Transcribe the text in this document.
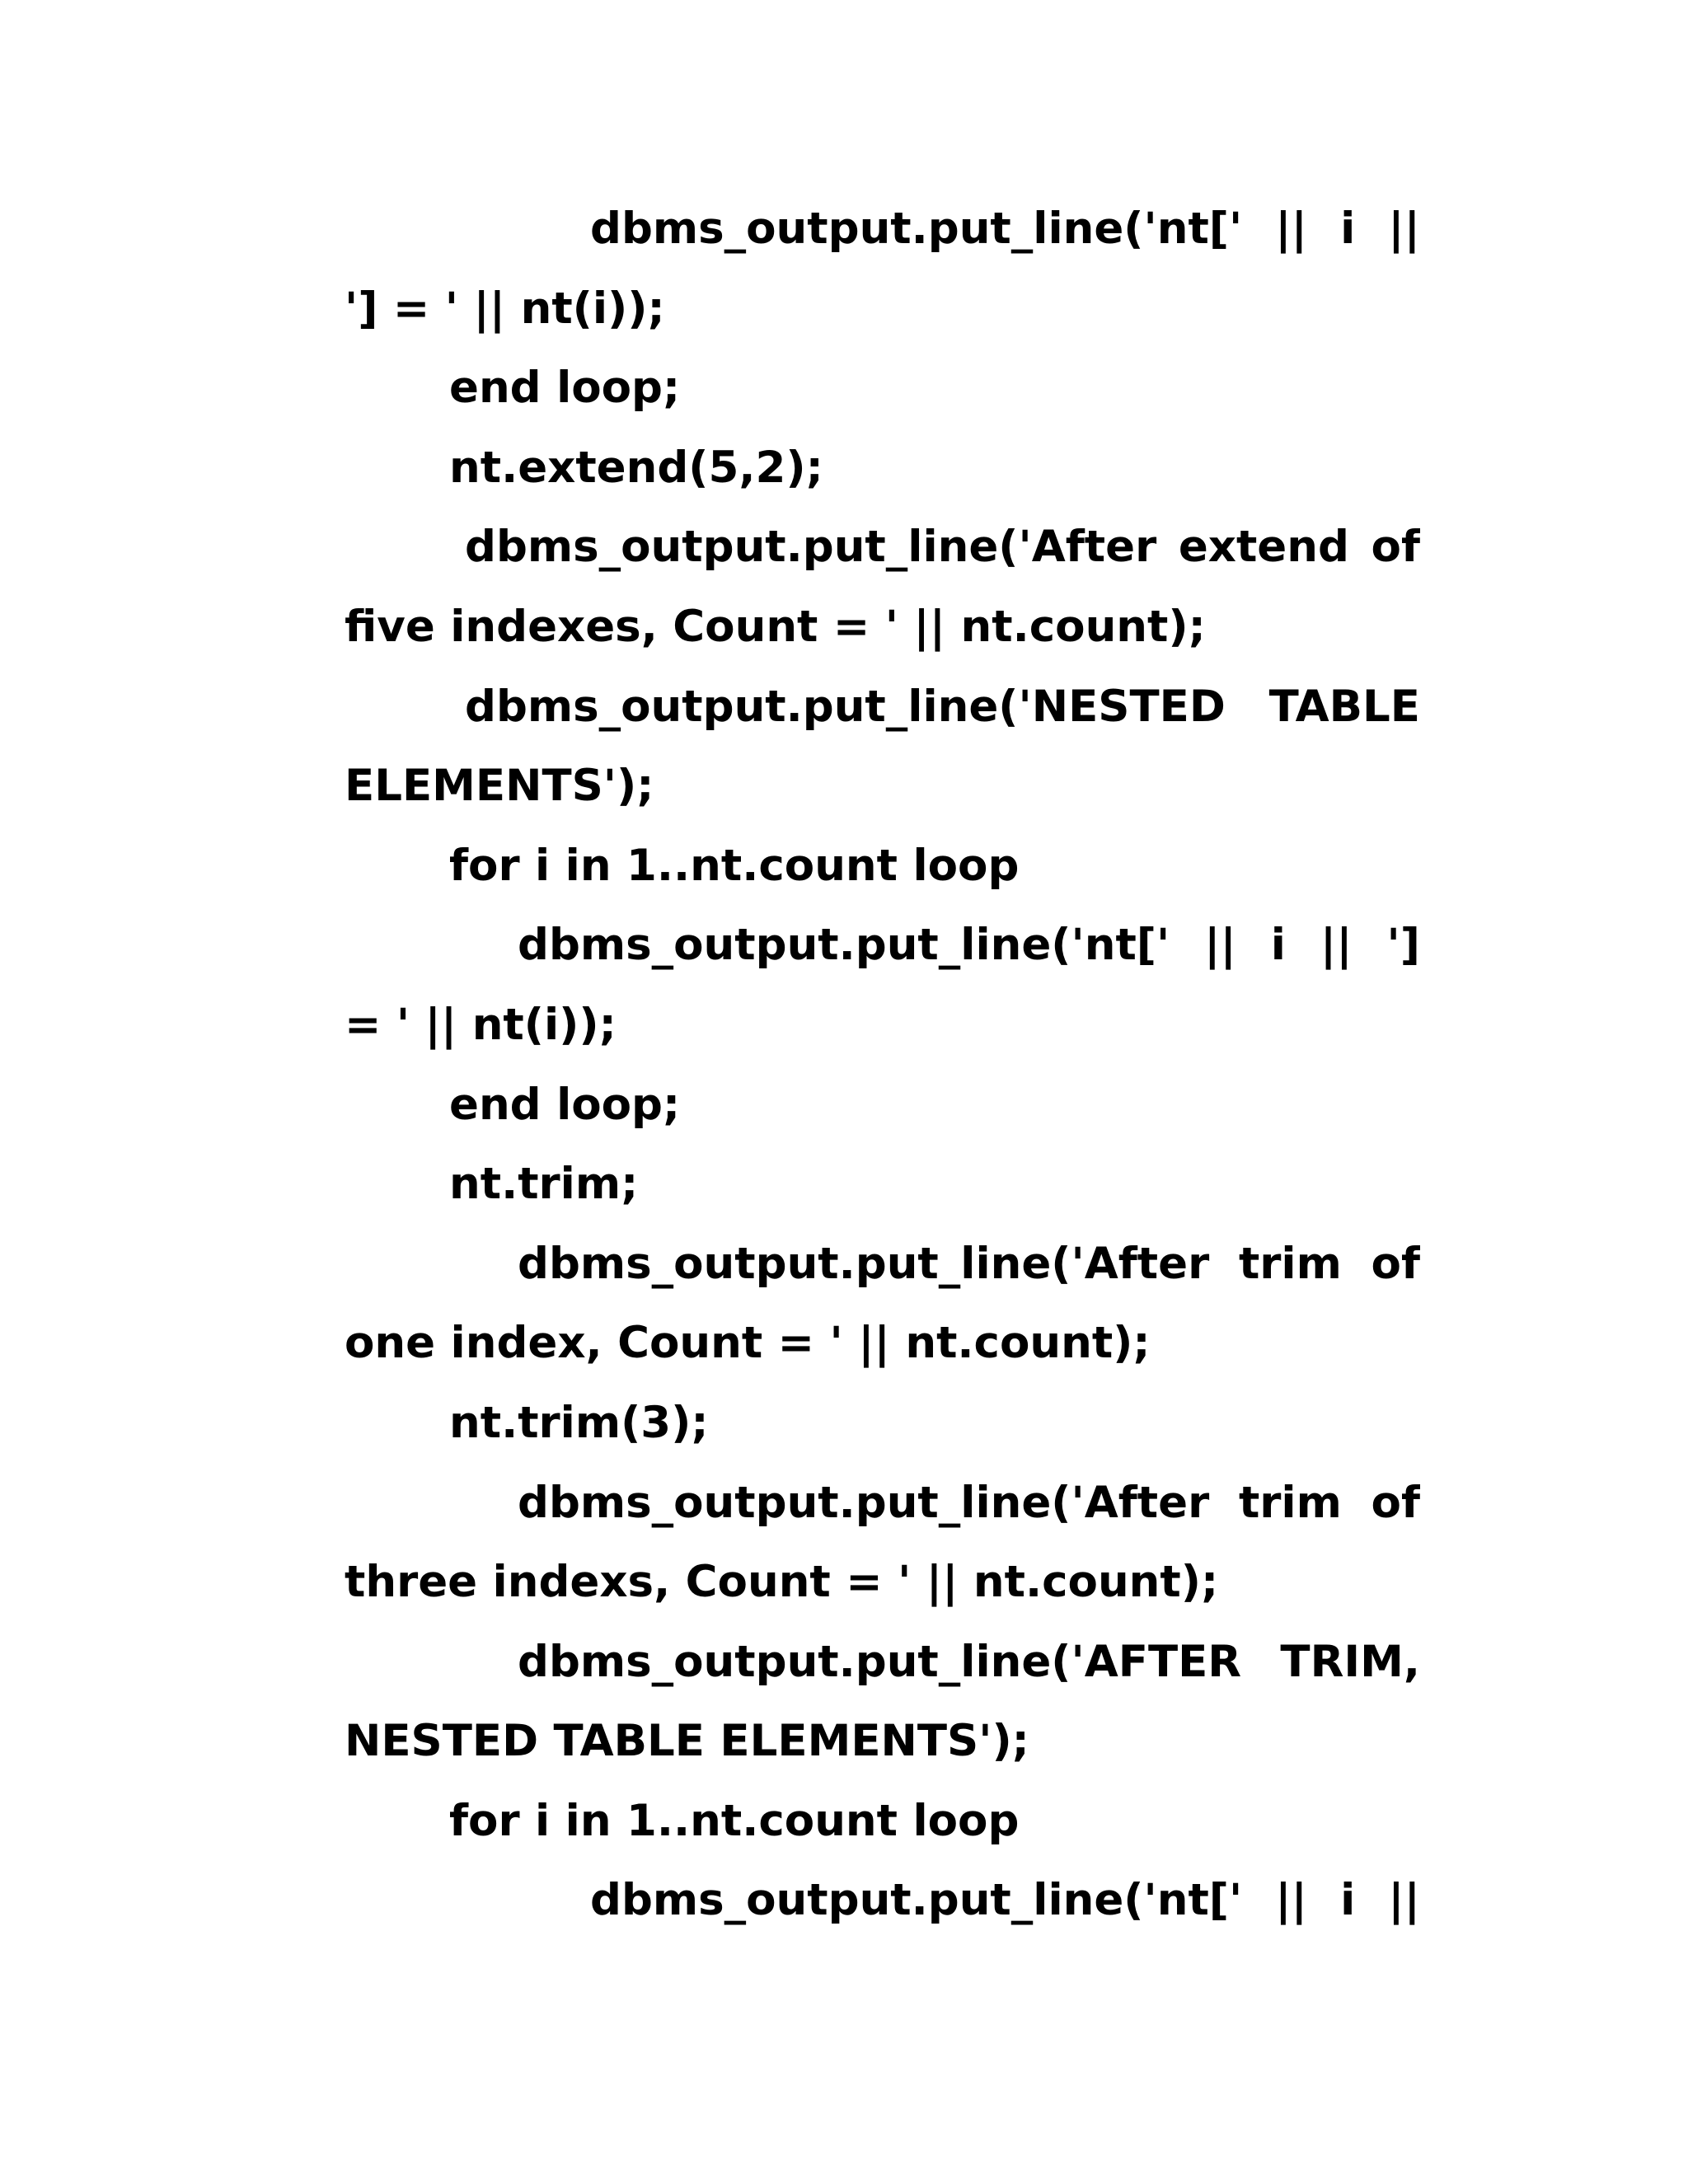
dbms_output.put_line('nt[' || i ||
'] = ' || nt(i));
end loop;
nt.extend(5,2);
dbms_output.put_line('After extend of
five indexes, Count = ' || nt.count);
dbms_output.put_line('NESTED TABLE
ELEMENTS');
for i in 1..nt.count loop
dbms_output.put_line('nt[' || i || ']
= ' || nt(i));
end loop;
nt.trim;
dbms_output.put_line('After trim of
one index, Count = ' || nt.count);
nt.trim(3);
dbms_output.put_line('After trim of
three indexs, Count = ' || nt.count);
dbms_output.put_line('AFTER TRIM,
NESTED TABLE ELEMENTS');
for i in 1..nt.count loop
dbms_output.put_line('nt[' || i ||
